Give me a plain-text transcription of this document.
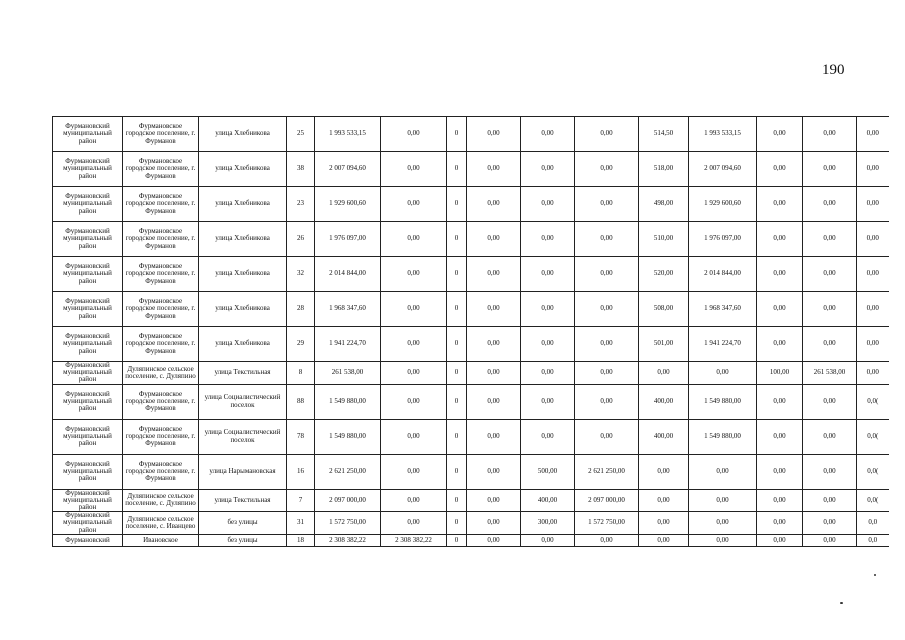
190
Фурмановский муниципальный район	Фурмановское городское поселение, г. Фурманов	улица Хлебникова	25	1 993 533,15	0,00	0	0,00	0,00	0,00	514,50	1 993 533,15	0,00	0,00	0,00
Фурмановский муниципальный район	Фурмановское городское поселение, г. Фурманов	улица Хлебникова	38	2 007 094,60	0,00	0	0,00	0,00	0,00	518,00	2 007 094,60	0,00	0,00	0,00
Фурмановский муниципальный район	Фурмановское городское поселение, г. Фурманов	улица Хлебникова	23	1 929 600,60	0,00	0	0,00	0,00	0,00	498,00	1 929 600,60	0,00	0,00	0,00
Фурмановский муниципальный район	Фурмановское городское поселение, г. Фурманов	улица Хлебникова	26	1 976 097,00	0,00	0	0,00	0,00	0,00	510,00	1 976 097,00	0,00	0,00	0,00
Фурмановский муниципальный район	Фурмановское городское поселение, г. Фурманов	улица Хлебникова	32	2 014 844,00	0,00	0	0,00	0,00	0,00	520,00	2 014 844,00	0,00	0,00	0,00
Фурмановский муниципальный район	Фурмановское городское поселение, г. Фурманов	улица Хлебникова	28	1 968 347,60	0,00	0	0,00	0,00	0,00	508,00	1 968 347,60	0,00	0,00	0,00
Фурмановский муниципальный район	Фурмановское городское поселение, г. Фурманов	улица Хлебникова	29	1 941 224,70	0,00	0	0,00	0,00	0,00	501,00	1 941 224,70	0,00	0,00	0,00
Фурмановский муниципальный район	Дуляпинское сельское поселение, с. Дуляпино	улица Текстильная	8	261 538,00	0,00	0	0,00	0,00	0,00	0,00	0,00	100,00	261 538,00	0,00
Фурмановский муниципальный район	Фурмановское городское поселение, г. Фурманов	улица Социалистический поселок	88	1 549 880,00	0,00	0	0,00	0,00	0,00	400,00	1 549 880,00	0,00	0,00	0,0(
Фурмановский муниципальный район	Фурмановское городское поселение, г. Фурманов	улица Социалистический поселок	78	1 549 880,00	0,00	0	0,00	0,00	0,00	400,00	1 549 880,00	0,00	0,00	0,0(
Фурмановский муниципальный район	Фурмановское городское поселение, г. Фурманов	улица Нарымановская	16	2 621 250,00	0,00	0	0,00	500,00	2 621 250,00	0,00	0,00	0,00	0,00	0,0(
Фурмановский муниципальный район	Дуляпинское сельское поселение, с. Дуляпино	улица Текстильная	7	2 097 000,00	0,00	0	0,00	400,00	2 097 000,00	0,00	0,00	0,00	0,00	0,0(
Фурмановский муниципальный район	Дуляпинское сельское поселение, с. Иванцево	без улицы	31	1 572 750,00	0,00	0	0,00	300,00	1 572 750,00	0,00	0,00	0,00	0,00	0,0
Фурмановский	Ивановское	без улицы	18	2 308 382,22	2 308 382,22	0	0,00	0,00	0,00	0,00	0,00	0,00	0,00	0,0
